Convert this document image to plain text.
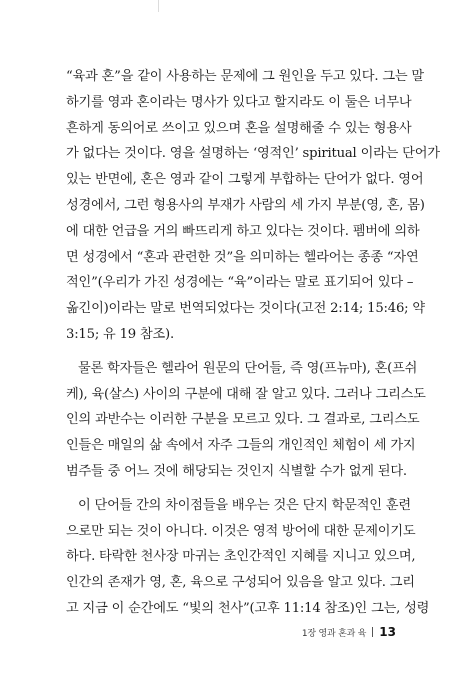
“육과 혼”을 같이 사용하는 문제에 그 원인을 두고 있다. 그는 말
하기를 영과 혼이라는 명사가 있다고 할지라도 이 둘은 너무나
흔하게 동의어로 쓰이고 있으며 혼을 설명해줄 수 있는 형용사
가 없다는 것이다. 영을 설명하는 ‘영적인’ spiritual 이라는 단어가
있는 반면에, 혼은 영과 같이 그렇게 부합하는 단어가 없다. 영어
성경에서, 그런 형용사의 부재가 사람의 세 가지 부분(영, 혼, 몸)
에 대한 언급을 거의 빠뜨리게 하고 있다는 것이다. 펨버에 의하
면 성경에서 “혼과 관련한 것”을 의미하는 헬라어는 종종 “자연
적인”(우리가 가진 성경에는 “육”이라는 말로 표기되어 있다 –
옮긴이)이라는 말로 번역되었다는 것이다(고전 2:14; 15:46; 약
3:15; 유 19 참조).
물론 학자들은 헬라어 원문의 단어들, 즉 영(프뉴마), 혼(프쉬
케), 육(살스) 사이의 구분에 대해 잘 알고 있다. 그러나 그리스도
인의 과반수는 이러한 구분을 모르고 있다. 그 결과로, 그리스도
인들은 매일의 삶 속에서 자주 그들의 개인적인 체험이 세 가지
범주들 중 어느 것에 해당되는 것인지 식별할 수가 없게 된다.
이 단어들 간의 차이점들을 배우는 것은 단지 학문적인 훈련
으로만 되는 것이 아니다. 이것은 영적 방어에 대한 문제이기도
하다. 타락한 천사장 마귀는 초인간적인 지혜를 지니고 있으며,
인간의 존재가 영, 혼, 육으로 구성되어 있음을 알고 있다. 그리
고 지금 이 순간에도 “빛의 천사”(고후 11:14 참조)인 그는, 성령
1장 영과 혼과 육 13
